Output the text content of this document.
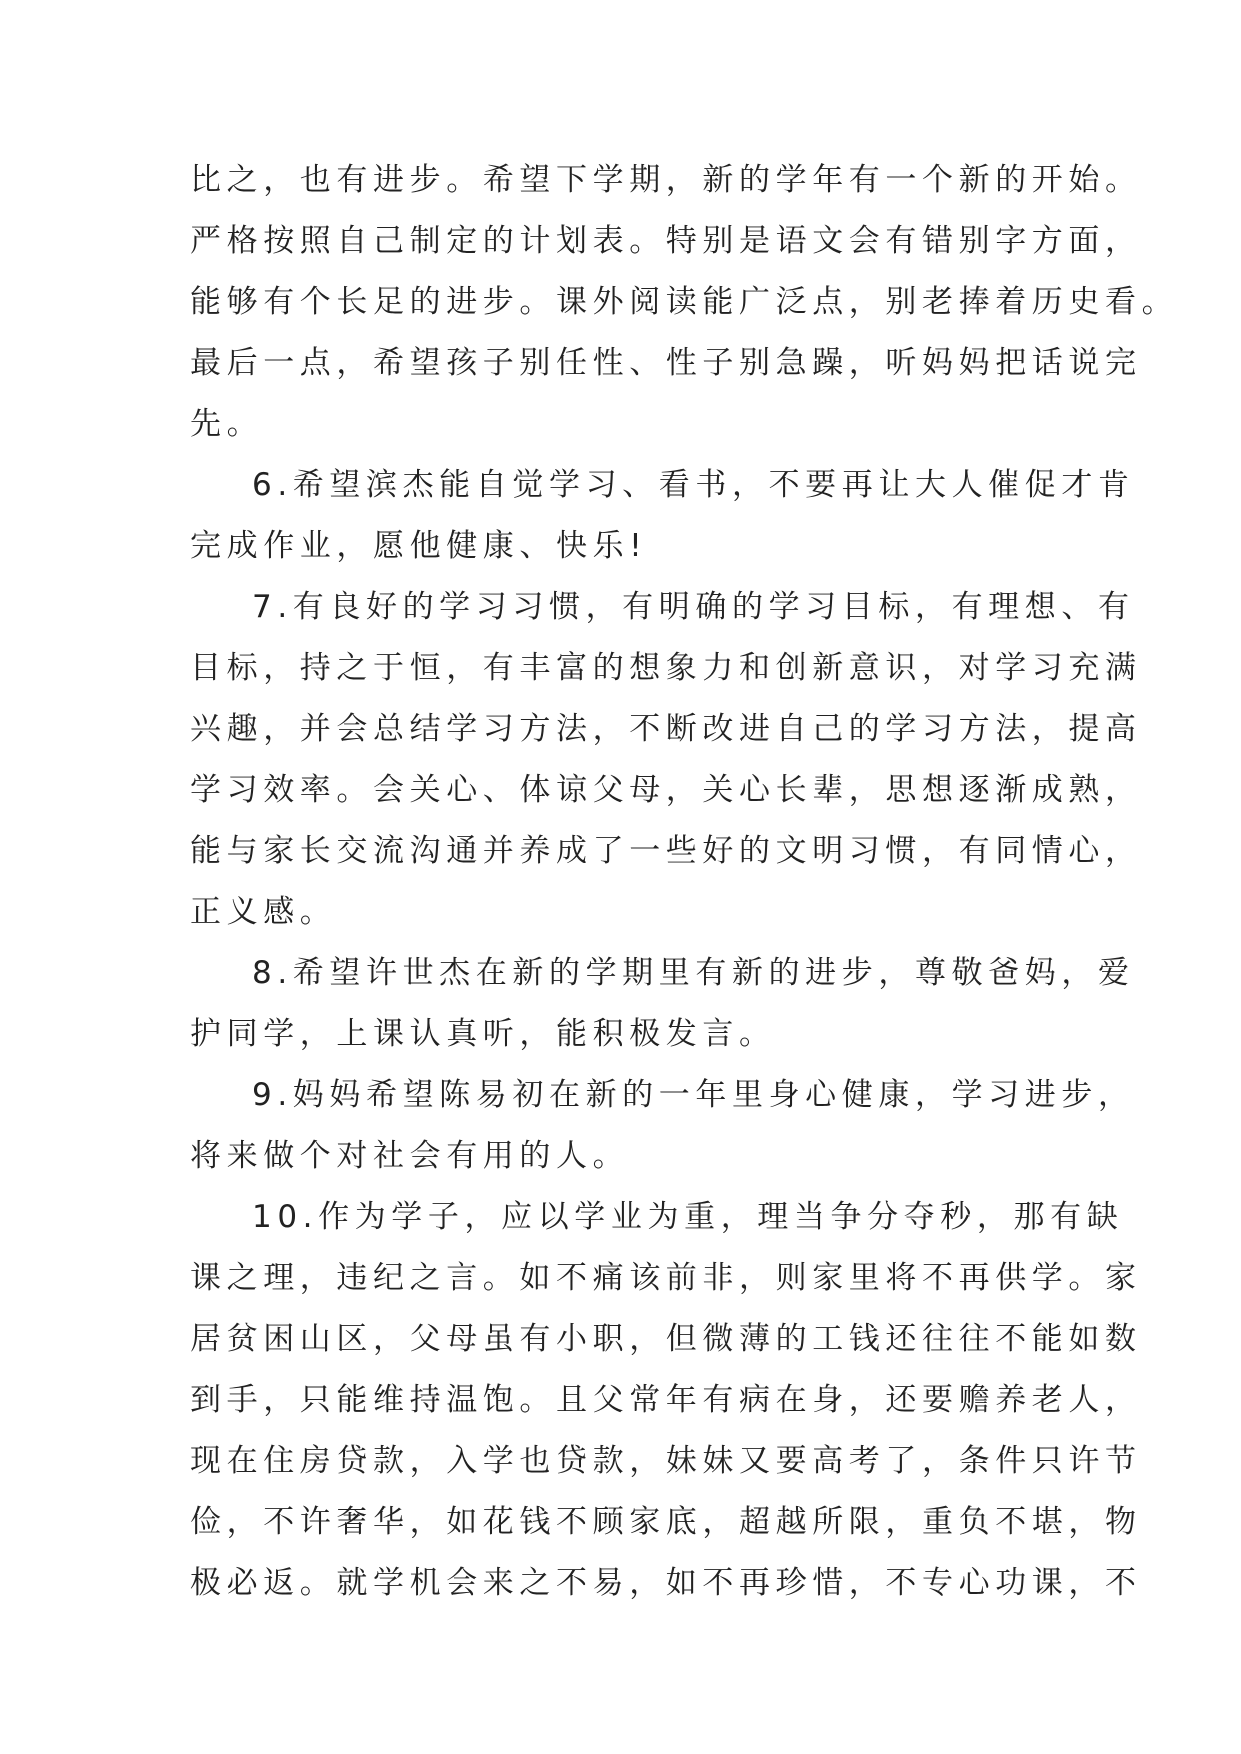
比之，也有进步。希望下学期，新的学年有一个新的开始。
严格按照自己制定的计划表。特别是语文会有错别字方面，
能够有个长足的进步。课外阅读能广泛点，别老捧着历史看。
最后一点，希望孩子别任性、性子别急躁，听妈妈把话说完
先。
6.希望滨杰能自觉学习、看书，不要再让大人催促才肯
完成作业，愿他健康、快乐!
7.有良好的学习习惯，有明确的学习目标，有理想、有
目标，持之于恒，有丰富的想象力和创新意识，对学习充满
兴趣，并会总结学习方法，不断改进自己的学习方法，提高
学习效率。会关心、体谅父母，关心长辈，思想逐渐成熟，
能与家长交流沟通并养成了一些好的文明习惯，有同情心，
正义感。
8.希望许世杰在新的学期里有新的进步，尊敬爸妈，爱
护同学，上课认真听，能积极发言。
9.妈妈希望陈易初在新的一年里身心健康，学习进步，
将来做个对社会有用的人。
10.作为学子，应以学业为重，理当争分夺秒，那有缺
课之理，违纪之言。如不痛该前非，则家里将不再供学。家
居贫困山区，父母虽有小职，但微薄的工钱还往往不能如数
到手，只能维持温饱。且父常年有病在身，还要赡养老人，
现在住房贷款，入学也贷款，妹妹又要高考了，条件只许节
俭，不许奢华，如花钱不顾家底，超越所限，重负不堪，物
极必返。就学机会来之不易，如不再珍惜，不专心功课，不
